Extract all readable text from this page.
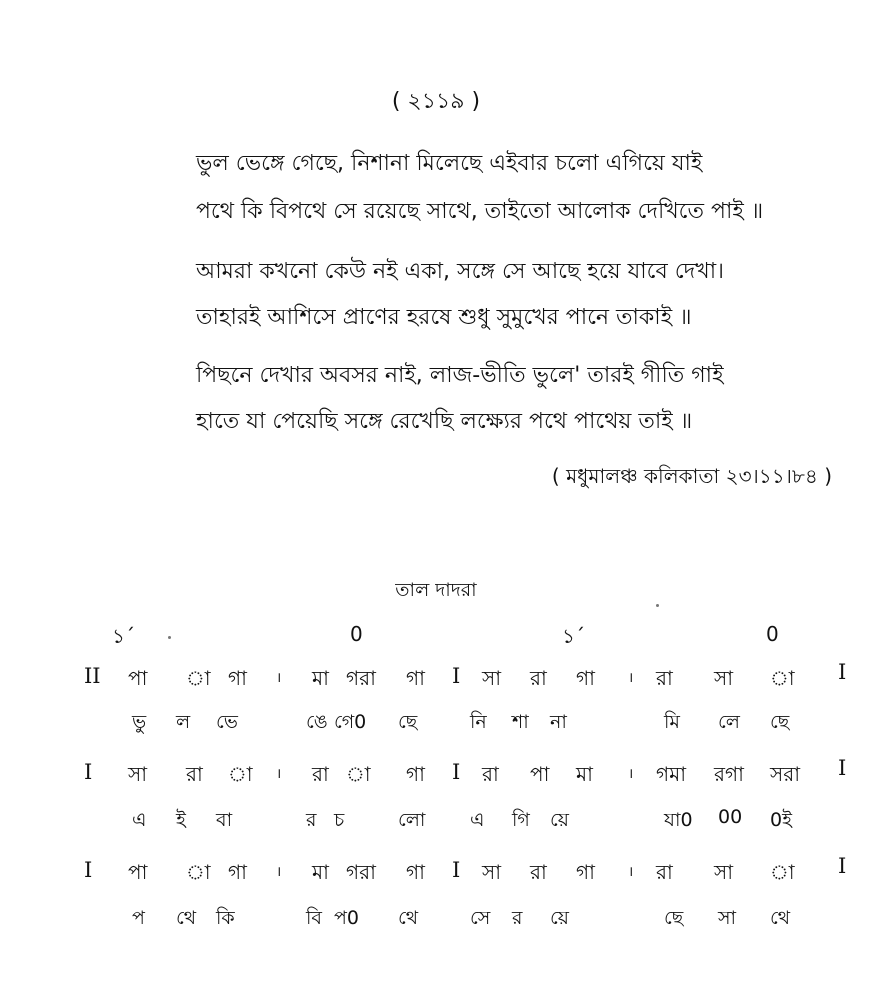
( ২১১৯ )
ভুল ভেঙ্গে গেছে, নিশানা মিলেছে এইবার চলো এগিয়ে যাই
পথে কি বিপথে সে রয়েছে সাথে, তাইতো আলোক দেখিতে পাই ॥
আমরা কখনো কেউ নই একা, সঙ্গে সে আছে হয়ে যাবে দেখা।
তাহারই আশিসে প্রাণের হরষে শুধু সুমুখের পানে তাকাই ॥
পিছনে দেখার অবসর নাই, লাজ-ভীতি ভুলে' তারই গীতি গাই
হাতে যা পেয়েছি সঙ্গে রেখেছি লক্ষ্যের পথে পাথেয় তাই ॥
( মধুমালঞ্চ কলিকাতা ২৩।১১।৮৪ )
তাল দাদরা
১´	0	১´	0
II পা া গা । মা গরা গা I সা রা গা । রা সা া I
ভু ল ভে	ঙে গে0 ছে	নি শা না	মি লে ছে
I সা রা া । রা া গা I রা পা মা	। গমা রগা সরা I
এ ই বা	র চ	লো এ গি য়ে	যা0 00 0ই
I পা া গা । মা গরা গা I সা রা গা । রা সা া I
প থে কি	বি প0 থে	সে র য়ে	ছে সা থে
